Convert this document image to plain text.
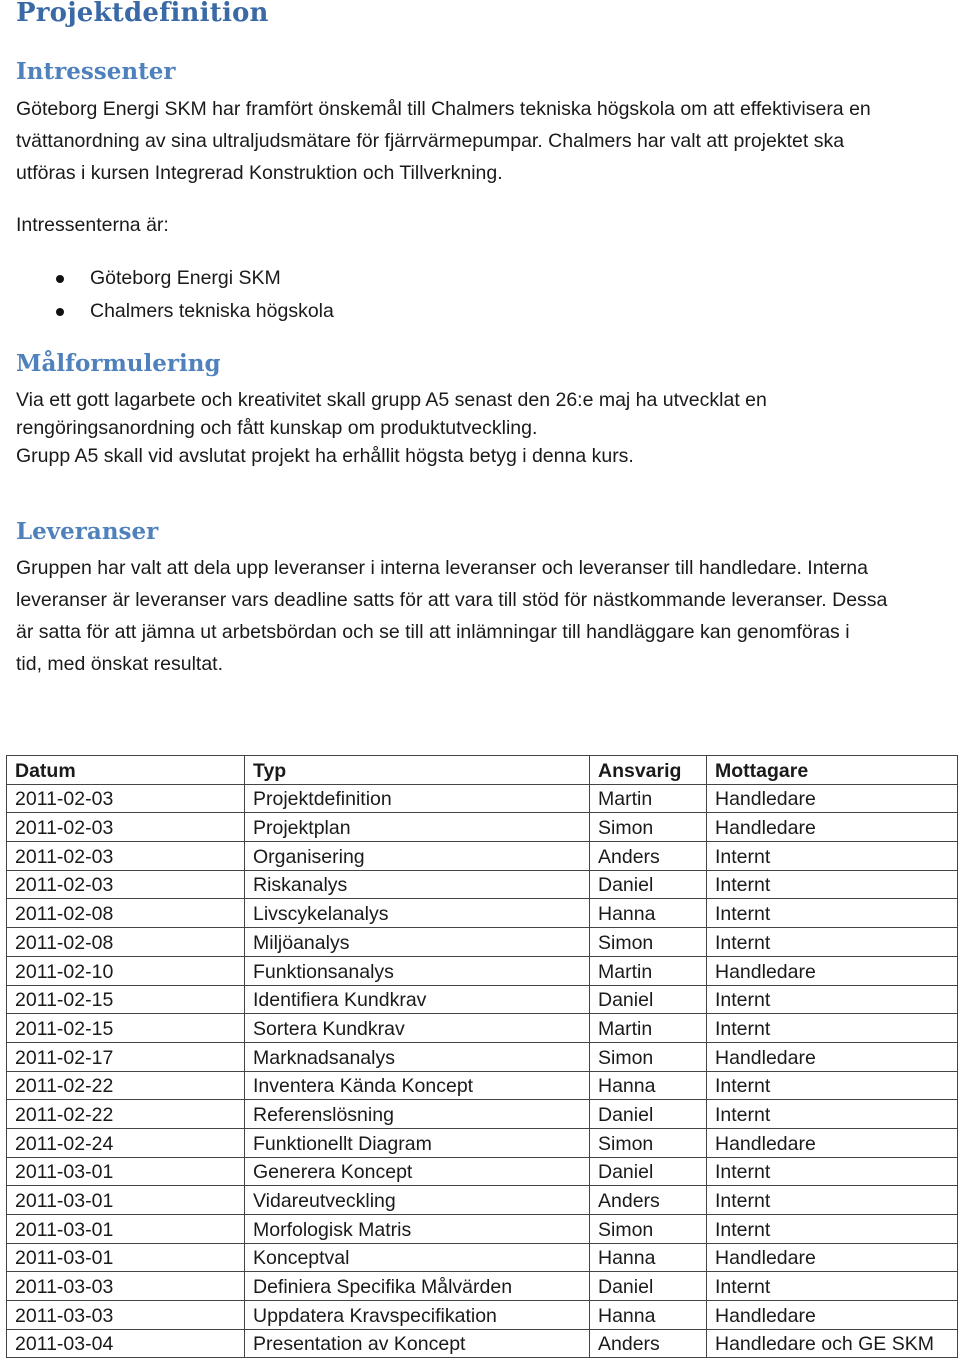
Projektdefinition
Intressenter
Göteborg Energi SKM har framfört önskemål till Chalmers tekniska högskola om att effektivisera en
tvättanordning av sina ultraljudsmätare för fjärrvärmepumpar. Chalmers har valt att projektet ska
utföras i kursen Integrerad Konstruktion och Tillverkning.
Intressenterna är:
Göteborg Energi SKM
Chalmers tekniska högskola
Målformulering
Via ett gott lagarbete och kreativitet skall grupp A5 senast den 26:e maj ha utvecklat en
rengöringsanordning och fått kunskap om produktutveckling.
Grupp A5 skall vid avslutat projekt ha erhållit högsta betyg i denna kurs.
Leveranser
Gruppen har valt att dela upp leveranser i interna leveranser och leveranser till handledare. Interna
leveranser är leveranser vars deadline satts för att vara till stöd för nästkommande leveranser. Dessa
är satta för att jämna ut arbetsbördan och se till att inlämningar till handläggare kan genomföras i
tid, med önskat resultat.
Datum	Typ	Ansvarig	Mottagare
2011-02-03	Projektdefinition	Martin	Handledare
2011-02-03	Projektplan	Simon	Handledare
2011-02-03	Organisering	Anders	Internt
2011-02-03	Riskanalys	Daniel	Internt
2011-02-08	Livscykelanalys	Hanna	Internt
2011-02-08	Miljöanalys	Simon	Internt
2011-02-10	Funktionsanalys	Martin	Handledare
2011-02-15	Identifiera Kundkrav	Daniel	Internt
2011-02-15	Sortera Kundkrav	Martin	Internt
2011-02-17	Marknadsanalys	Simon	Handledare
2011-02-22	Inventera Kända Koncept	Hanna	Internt
2011-02-22	Referenslösning	Daniel	Internt
2011-02-24	Funktionellt Diagram	Simon	Handledare
2011-03-01	Generera Koncept	Daniel	Internt
2011-03-01	Vidareutveckling	Anders	Internt
2011-03-01	Morfologisk Matris	Simon	Internt
2011-03-01	Konceptval	Hanna	Handledare
2011-03-03	Definiera Specifika Målvärden	Daniel	Internt
2011-03-03	Uppdatera Kravspecifikation	Hanna	Handledare
2011-03-04	Presentation av Koncept	Anders	Handledare och GE SKM
